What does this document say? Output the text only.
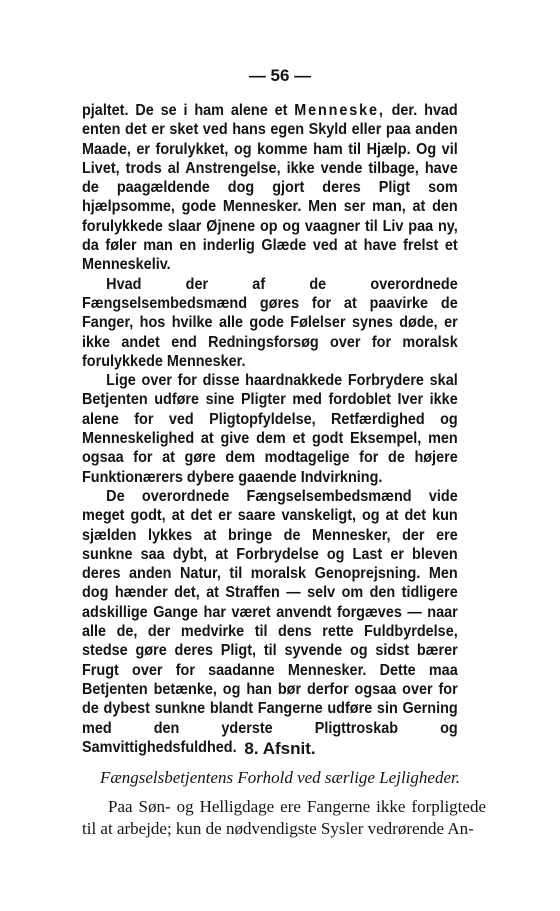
— 56 —

pjaltet. De se i ham alene et Menneske, der. hvad enten det er sket ved hans egen Skyld eller paa anden Maade, er forulykket, og komme ham til Hjælp. Og vil Livet, trods al Anstrengelse, ikke vende tilbage, have de paagældende dog gjort deres Pligt som hjælpsomme, gode Mennesker. Men ser man, at den forulykkede slaar Øjnene op og vaagner til Liv paa ny, da føler man en inderlig Glæde ved at have frelst et Menneskeliv.

Hvad der af de overordnede Fængselsembedsmænd gøres for at paavirke de Fanger, hos hvilke alle gode Følelser synes døde, er ikke andet end Redningsforsøg over for moralsk forulykkede Mennesker.

Lige over for disse haardnakkede Forbrydere skal Betjenten udføre sine Pligter med fordoblet Iver ikke alene for ved Pligtopfyldelse, Retfærdighed og Menneskelighed at give dem et godt Eksempel, men ogsaa for at gøre dem modtagelige for de højere Funktionærers dybere gaaende Indvirkning.

De overordnede Fængselsembedsmænd vide meget godt, at det er saare vanskeligt, og at det kun sjælden lykkes at bringe de Mennesker, der ere sunkne saa dybt, at Forbrydelse og Last er bleven deres anden Natur, til moralsk Genoprejsning. Men dog hænder det, at Straffen — selv om den tidligere adskillige Gange har været anvendt forgæves — naar alle de, der medvirke til dens rette Fuldbyrdelse, stedse gøre deres Pligt, til syvende og sidst bærer Frugt over for saadanne Mennesker. Dette maa Betjenten betænke, og han bør derfor ogsaa over for de dybest sunkne blandt Fangerne udføre sin Gerning med den yderste Pligttroskab og Samvittighedsfuldhed. 8. Afsnit.
Fængselsbetjentens Forhold ved særlige Lejligheder.

Paa Søn- og Helligdage ere Fangerne ikke forpligtede til at arbejde; kun de nødvendigste Sysler vedrørende An-
